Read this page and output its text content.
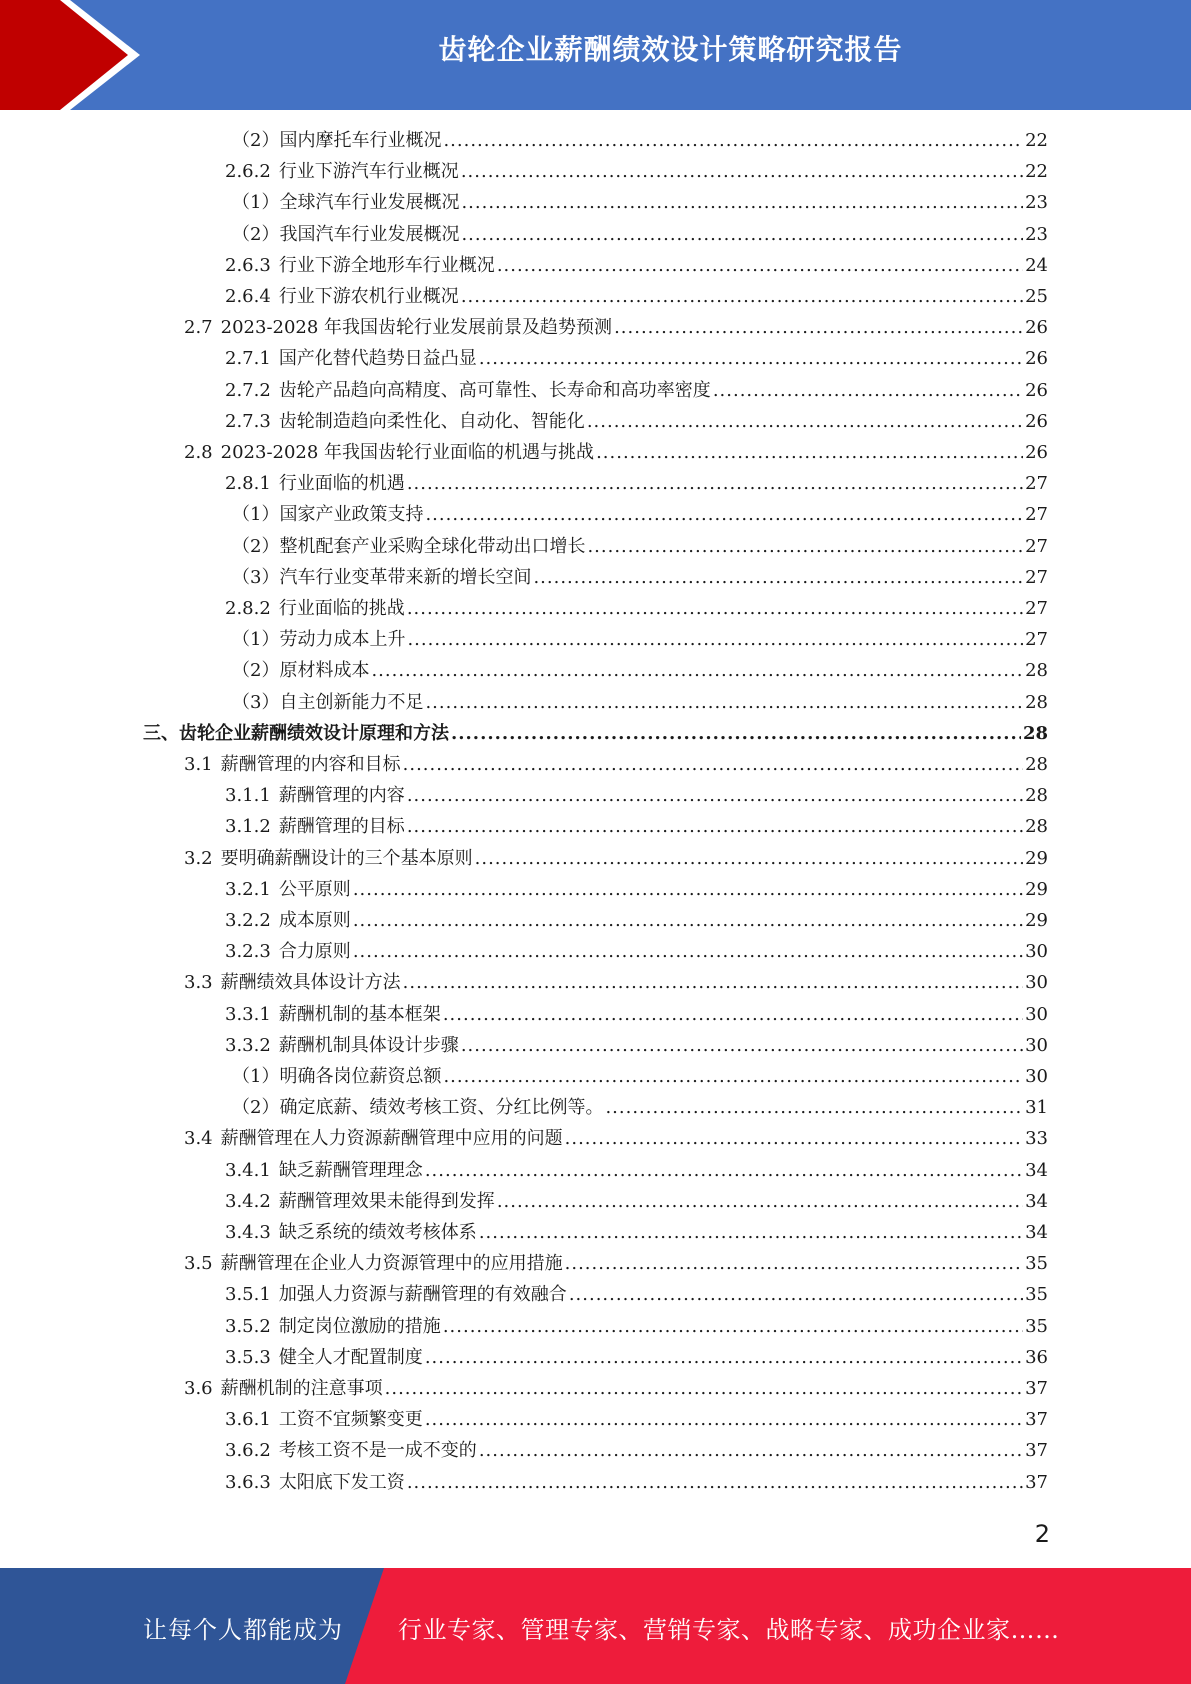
齿轮企业薪酬绩效设计策略研究报告
（2） 国内摩托车行业概况 .....	22
2.6.2 行业下游汽车行业概况 .....	22
（1） 全球汽车行业发展概况 .....	23
（2） 我国汽车行业发展概况 .....	23
2.6.3 行业下游全地形车行业概况 .....	24
2.6.4 行业下游农机行业概况 .....	25
2.7 2023-2028 年我国齿轮行业发展前景及趋势预测 .....	26
2.7.1 国产化替代趋势日益凸显 .....	26
2.7.2 齿轮产品趋向高精度、高可靠性、长寿命和高功率密度 .....	26
2.7.3 齿轮制造趋向柔性化、自动化、智能化 .....	26
2.8 2023-2028 年我国齿轮行业面临的机遇与挑战 .....	26
2.8.1 行业面临的机遇 .....	27
（1） 国家产业政策支持 .....	27
（2） 整机配套产业采购全球化带动出口增长 .....	27
（3） 汽车行业变革带来新的增长空间 .....	27
2.8.2 行业面临的挑战 .....	27
（1） 劳动力成本上升 .....	27
（2） 原材料成本 .....	28
（3） 自主创新能力不足 .....	28
三、 齿轮企业薪酬绩效设计原理和方法 .....	28
3.1 薪酬管理的内容和目标 .....	28
3.1.1 薪酬管理的内容 .....	28
3.1.2 薪酬管理的目标 .....	28
3.2 要明确薪酬设计的三个基本原则 .....	29
3.2.1 公平原则 .....	29
3.2.2 成本原则 .....	29
3.2.3 合力原则 .....	30
3.3 薪酬绩效具体设计方法 .....	30
3.3.1 薪酬机制的基本框架 .....	30
3.3.2 薪酬机制具体设计步骤 .....	30
（1） 明确各岗位薪资总额 .....	30
（2） 确定底薪、绩效考核工资、分红比例等。 .....	31
3.4 薪酬管理在人力资源薪酬管理中应用的问题 .....	33
3.4.1 缺乏薪酬管理理念 .....	34
3.4.2 薪酬管理效果未能得到发挥 .....	34
3.4.3 缺乏系统的绩效考核体系 .....	34
3.5 薪酬管理在企业人力资源管理中的应用措施 .....	35
3.5.1 加强人力资源与薪酬管理的有效融合 .....	35
3.5.2 制定岗位激励的措施 .....	35
3.5.3 健全人才配置制度 .....	36
3.6 薪酬机制的注意事项 .....	37
3.6.1 工资不宜频繁变更 .....	37
3.6.2 考核工资不是一成不变的 .....	37
3.6.3 太阳底下发工资 .....	37
2
让每个人都能成为 行业专家、管理专家、营销专家、战略专家、成功企业家……
